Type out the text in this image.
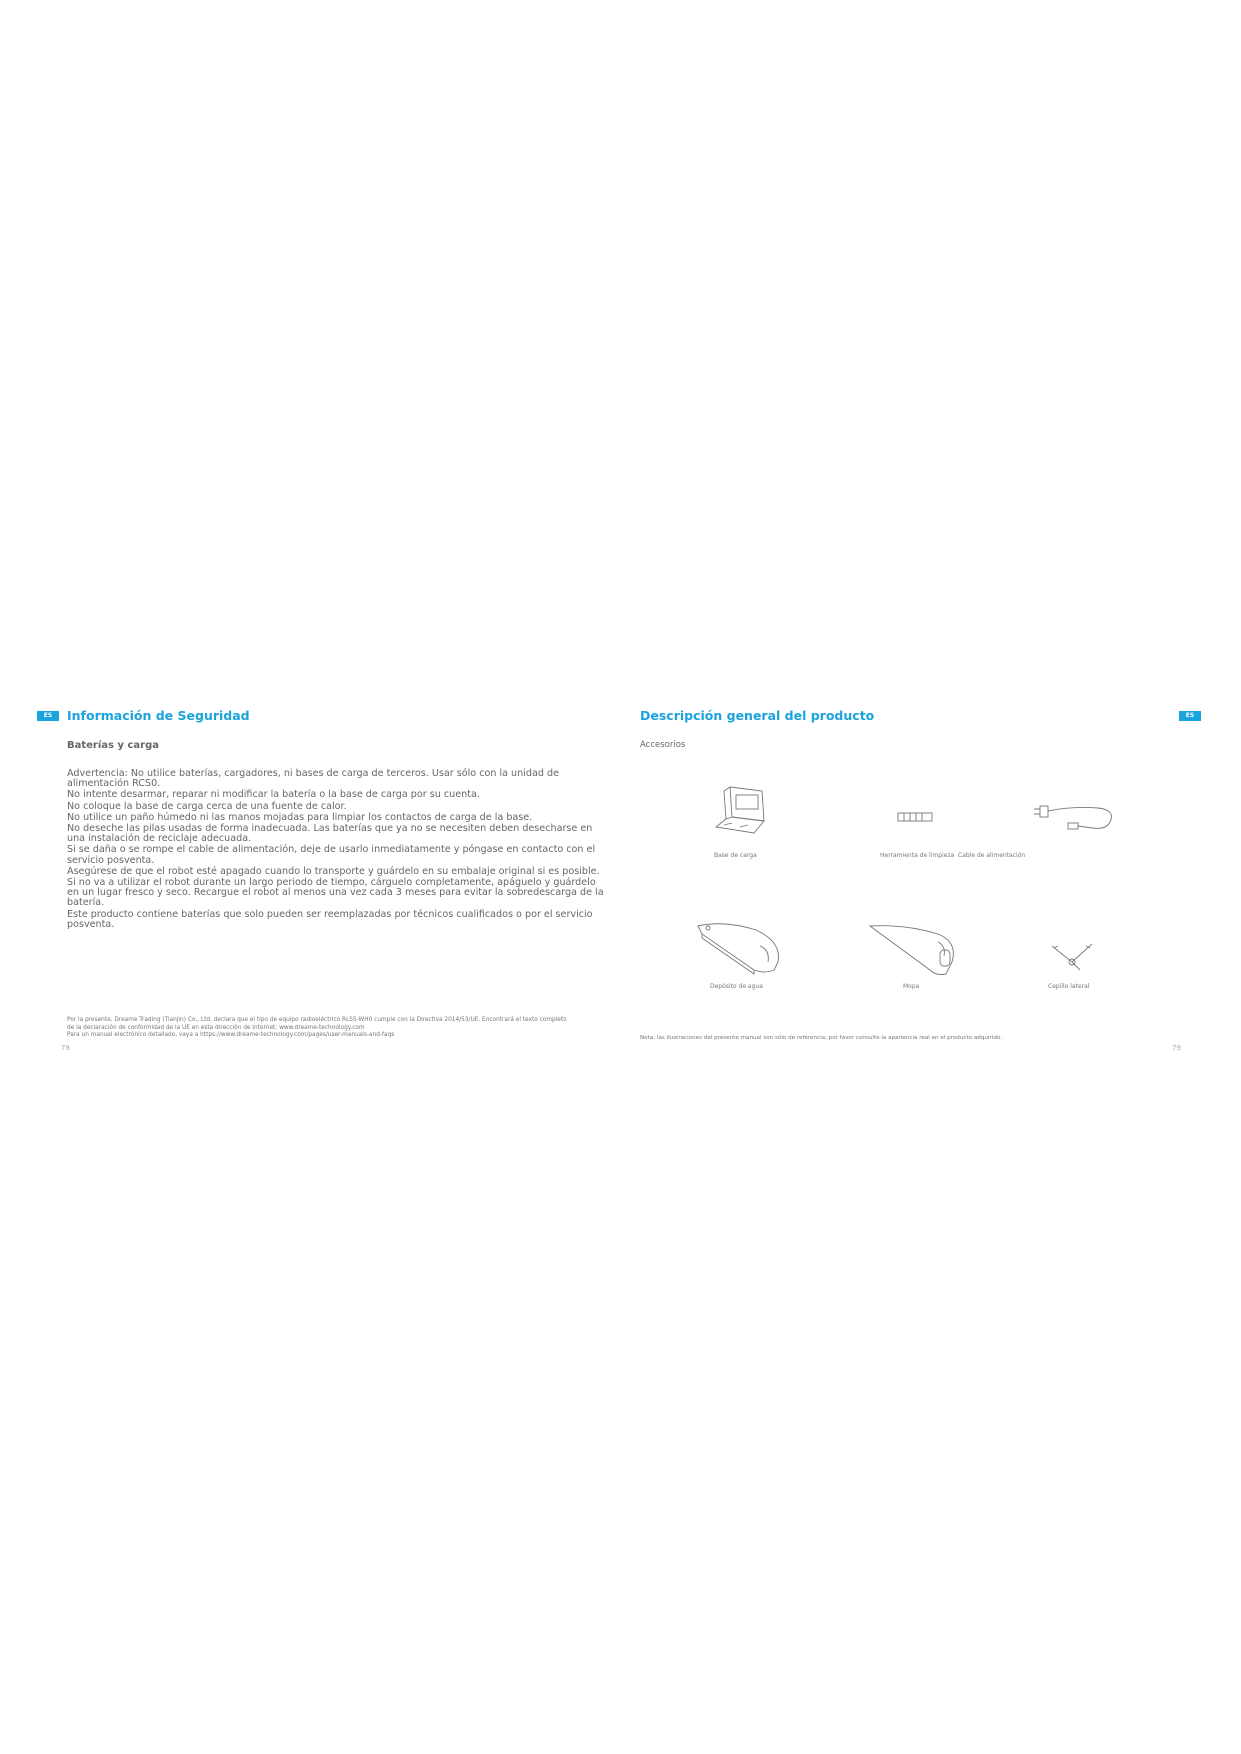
ES	Información de Seguridad
Baterías y carga
Advertencia: No utilice baterías, cargadores, ni bases de carga de terceros. Usar sólo con la unidad de alimentación RCS0.
No intente desarmar, reparar ni modificar la batería o la base de carga por su cuenta.
No coloque la base de carga cerca de una fuente de calor.
No utilice un paño húmedo ni las manos mojadas para limpiar los contactos de carga de la base.
No deseche las pilas usadas de forma inadecuada. Las baterías que ya no se necesiten deben desecharse en una instalación de reciclaje adecuada.
Si se daña o se rompe el cable de alimentación, deje de usarlo inmediatamente y póngase en contacto con el servicio posventa.
Asegúrese de que el robot esté apagado cuando lo transporte y guárdelo en su embalaje original si es posible.
Si no va a utilizar el robot durante un largo periodo de tiempo, cárguelo completamente, apáguelo y guárdelo en un lugar fresco y seco. Recargue el robot al menos una vez cada 3 meses para evitar la sobredescarga de la batería.
Este producto contiene baterías que solo pueden ser reemplazadas por técnicos cualificados o por el servicio posventa.
Por la presente, Dreame Trading (Tianjin) Co., Ltd. declara que el tipo de equipo radioeléctrico RLS5-WH0 cumple con la Directiva 2014/53/UE. Encontrará el texto completo
de la declaración de conformidad de la UE en esta dirección de Internet: www.dreame-technology.com
Para un manual electrónico detallado, vaya a https://www.dreame-technology.com/pages/user-manuals-and-faqs
78
Descripción general del producto	ES
Accesorios
Base de carga	Herramienta de limpieza Cable de alimentación
Depósito de agua	Mopa	Cepillo lateral
Nota: las ilustraciones del presente manual son sólo de referencia, por favor consulte la apariencia real en el producto adquirido.
79
